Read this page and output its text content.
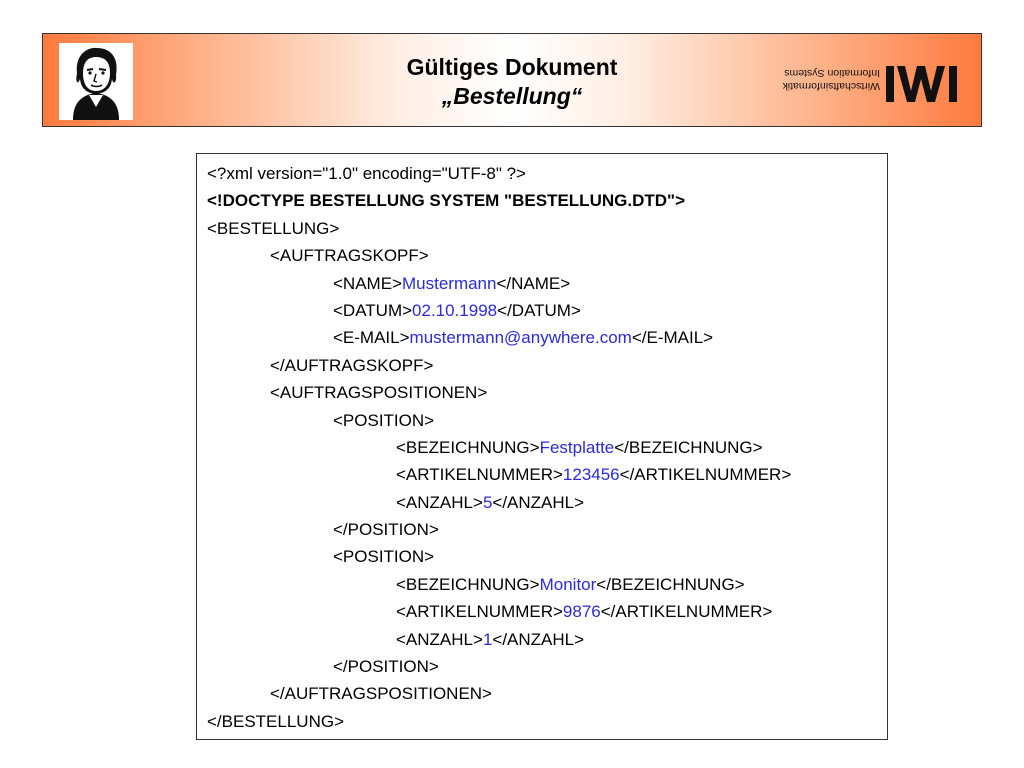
Gültiges Dokument
„Bestellung“	Wirtschaftsinformatik
Information Systems
<?xml version="1.0" encoding="UTF-8" ?>
<!DOCTYPE BESTELLUNG SYSTEM "BESTELLUNG.DTD">
<BESTELLUNG>
<AUFTRAGSKOPF>
<NAME>Mustermann</NAME>
<DATUM>02.10.1998</DATUM>
<E-MAIL>mustermann@anywhere.com</E-MAIL>
</AUFTRAGSKOPF>
<AUFTRAGSPOSITIONEN>
<POSITION>
<BEZEICHNUNG>Festplatte</BEZEICHNUNG>
<ARTIKELNUMMER>123456</ARTIKELNUMMER>
<ANZAHL>5</ANZAHL>
</POSITION>
<POSITION>
<BEZEICHNUNG>Monitor</BEZEICHNUNG>
<ARTIKELNUMMER>9876</ARTIKELNUMMER>
<ANZAHL>1</ANZAHL>
</POSITION>
</AUFTRAGSPOSITIONEN>
</BESTELLUNG>
